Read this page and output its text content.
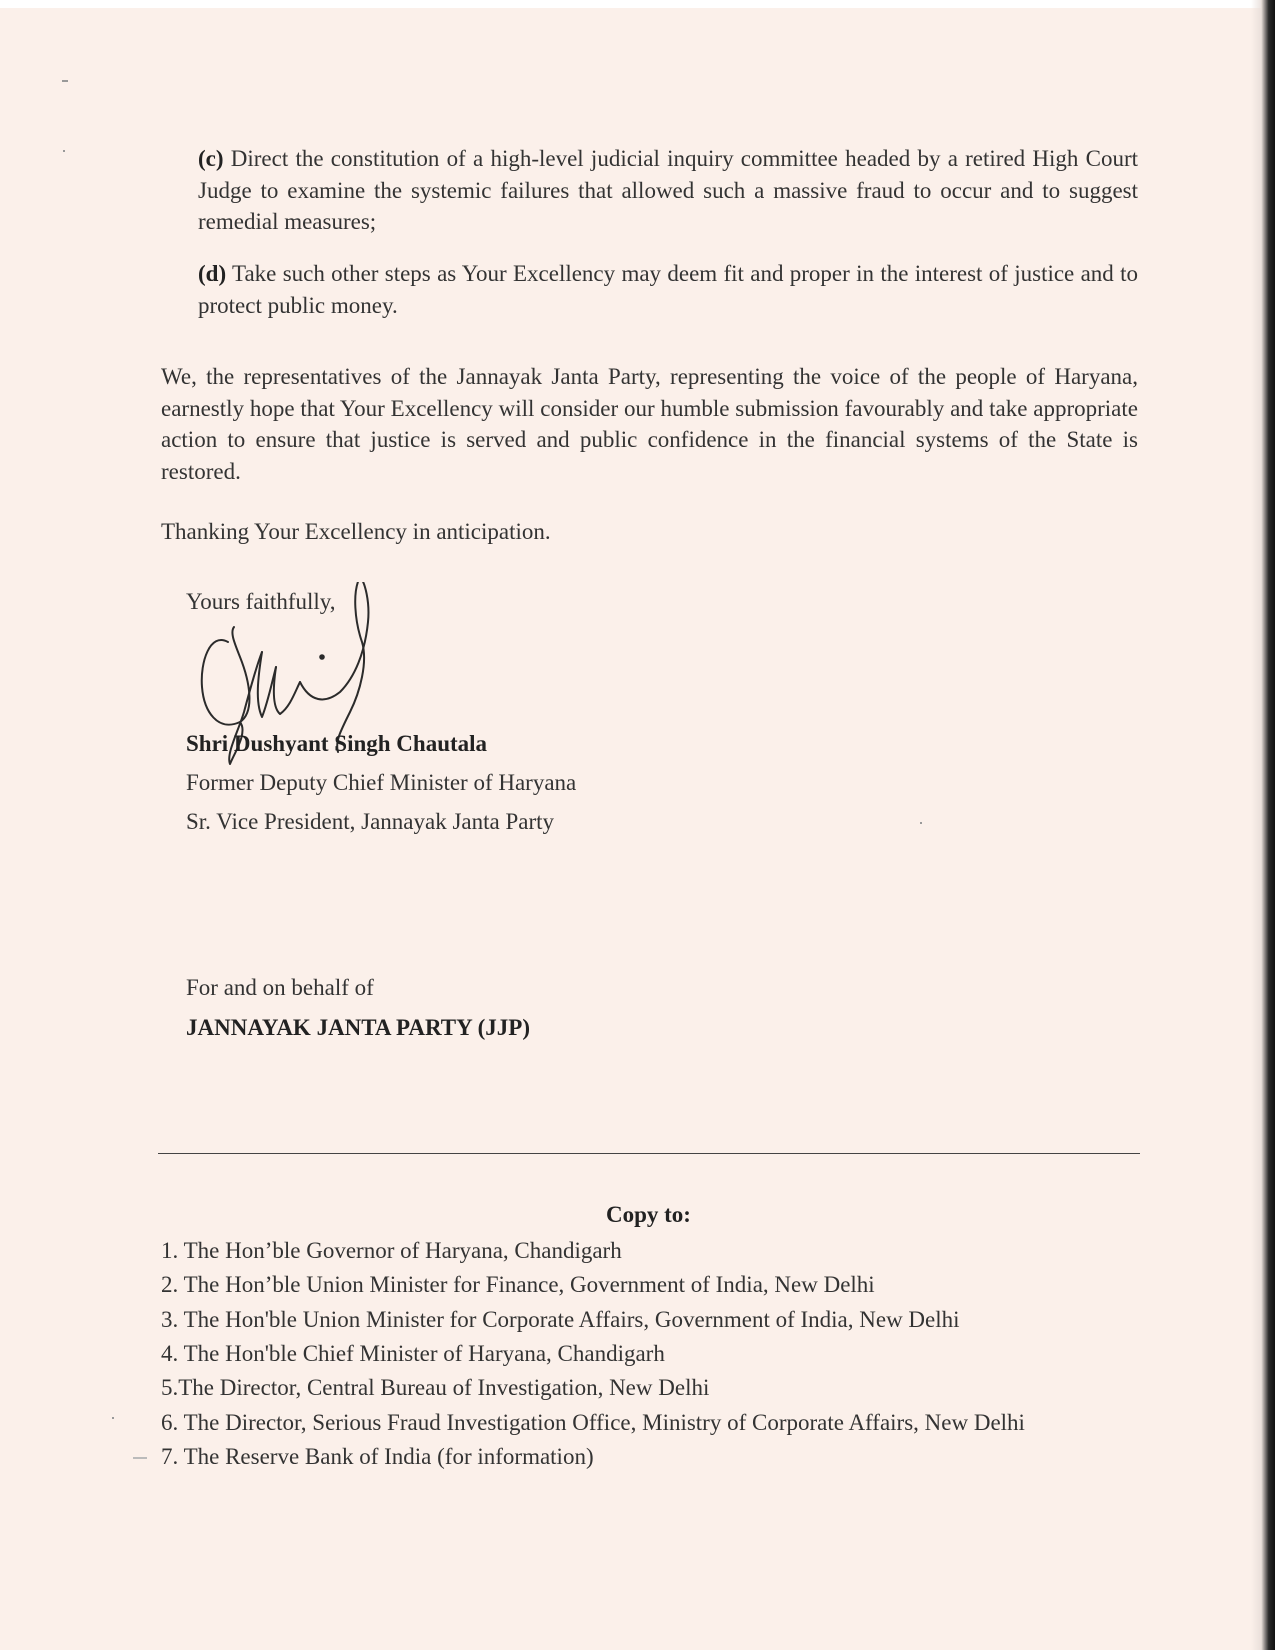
(c) Direct the constitution of a high-level judicial inquiry committee headed by a retired High Court Judge to examine the systemic failures that allowed such a massive fraud to occur and to suggest remedial measures;
(d) Take such other steps as Your Excellency may deem fit and proper in the interest of justice and to protect public money.
We, the representatives of the Jannayak Janta Party, representing the voice of the people of Haryana, earnestly hope that Your Excellency will consider our humble submission favourably and take appropriate action to ensure that justice is served and public confidence in the financial systems of the State is restored.
Thanking Your Excellency in anticipation.
Yours faithfully,
Shri Dushyant Singh Chautala
Former Deputy Chief Minister of Haryana
Sr. Vice President, Jannayak Janta Party
For and on behalf of
JANNAYAK JANTA PARTY (JJP)
Copy to:
1. The Hon’ble Governor of Haryana, Chandigarh
2. The Hon’ble Union Minister for Finance, Government of India, New Delhi
3. The Hon'ble Union Minister for Corporate Affairs, Government of India, New Delhi
4. The Hon'ble Chief Minister of Haryana, Chandigarh
5.The Director, Central Bureau of Investigation, New Delhi
6. The Director, Serious Fraud Investigation Office, Ministry of Corporate Affairs, New Delhi
7. The Reserve Bank of India (for information)
